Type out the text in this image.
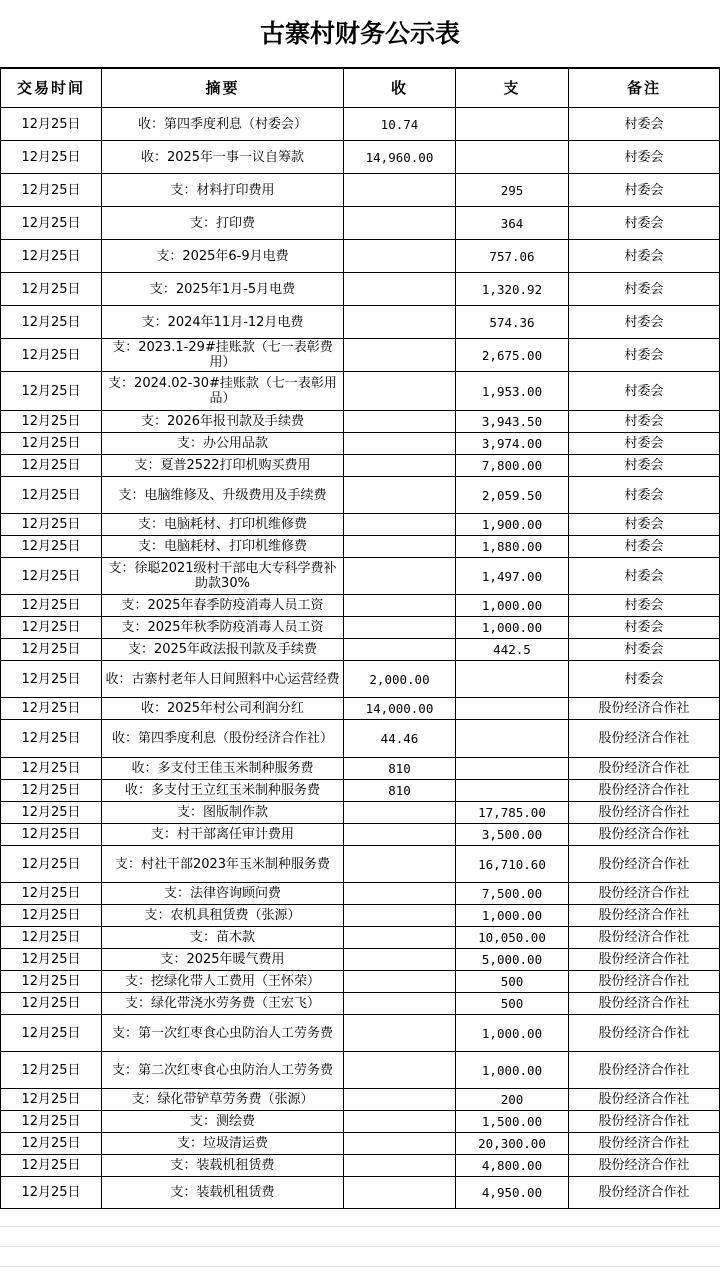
古寨村财务公示表
交易时间	摘要	收	支	备注
12月25日	收：第四季度利息（村委会）	10.74		村委会
12月25日	收：2025年一事一议自筹款	14,960.00		村委会
12月25日	支：材料打印费用		295	村委会
12月25日	支：打印费		364	村委会
12月25日	支：2025年6-9月电费		757.06	村委会
12月25日	支：2025年1月-5月电费		1,320.92	村委会
12月25日	支：2024年11月-12月电费		574.36	村委会
12月25日	支：2023.1-29#挂账款（七一表彰费用）		2,675.00	村委会
12月25日	支：2024.02-30#挂账款（七一表彰用品）		1,953.00	村委会
12月25日	支：2026年报刊款及手续费		3,943.50	村委会
12月25日	支：办公用品款		3,974.00	村委会
12月25日	支：夏普2522打印机购买费用		7,800.00	村委会
12月25日	支：电脑维修及、升级费用及手续费		2,059.50	村委会
12月25日	支：电脑耗材、打印机维修费		1,900.00	村委会
12月25日	支：电脑耗材、打印机维修费		1,880.00	村委会
12月25日	支：徐聪2021级村干部电大专科学费补助款30%		1,497.00	村委会
12月25日	支：2025年春季防疫消毒人员工资		1,000.00	村委会
12月25日	支：2025年秋季防疫消毒人员工资		1,000.00	村委会
12月25日	支：2025年政法报刊款及手续费		442.5	村委会
12月25日	收：古寨村老年人日间照料中心运营经费	2,000.00		村委会
12月25日	收：2025年村公司利润分红	14,000.00		股份经济合作社
12月25日	收：第四季度利息（股份经济合作社）	44.46		股份经济合作社
12月25日	收：多支付王佳玉米制种服务费	810		股份经济合作社
12月25日	收：多支付王立红玉米制种服务费	810		股份经济合作社
12月25日	支：图版制作款		17,785.00	股份经济合作社
12月25日	支：村干部离任审计费用		3,500.00	股份经济合作社
12月25日	支：村社干部2023年玉米制种服务费		16,710.60	股份经济合作社
12月25日	支：法律咨询顾问费		7,500.00	股份经济合作社
12月25日	支：农机具租赁费（张源）		1,000.00	股份经济合作社
12月25日	支：苗木款		10,050.00	股份经济合作社
12月25日	支：2025年暖气费用		5,000.00	股份经济合作社
12月25日	支：挖绿化带人工费用（王怀荣）		500	股份经济合作社
12月25日	支：绿化带浇水劳务费（王宏飞）		500	股份经济合作社
12月25日	支：第一次红枣食心虫防治人工劳务费		1,000.00	股份经济合作社
12月25日	支：第二次红枣食心虫防治人工劳务费		1,000.00	股份经济合作社
12月25日	支：绿化带铲草劳务费（张源）		200	股份经济合作社
12月25日	支：测绘费		1,500.00	股份经济合作社
12月25日	支：垃圾清运费		20,300.00	股份经济合作社
12月25日	支：装载机租赁费		4,800.00	股份经济合作社
12月25日	支：装载机租赁费		4,950.00	股份经济合作社
